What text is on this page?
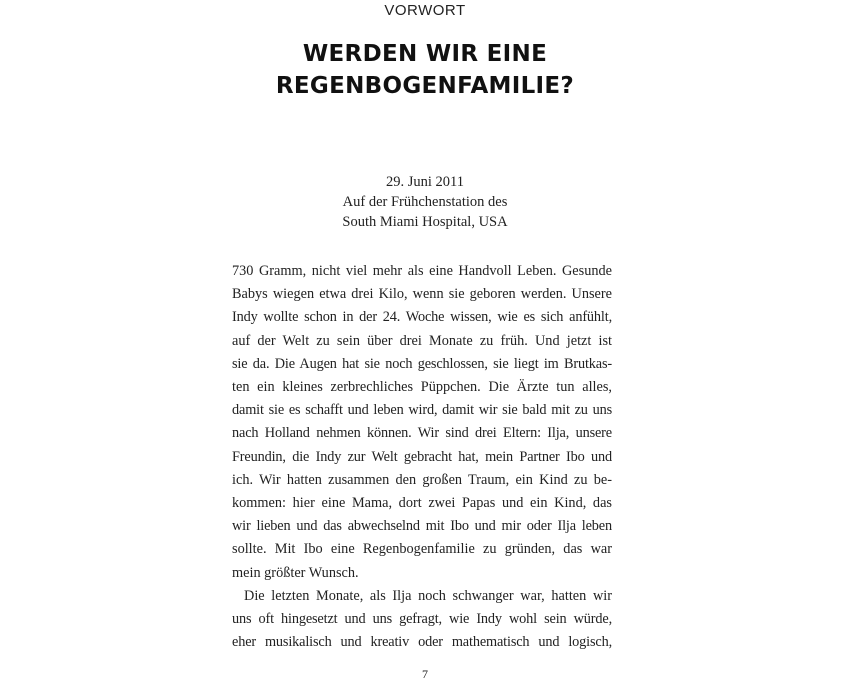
VORWORT
WERDEN WIR EINE
REGENBOGENFAMILIE?
29. Juni 2011
Auf der Frühchenstation des
South Miami Hospital, USA
730 Gramm, nicht viel mehr als eine Handvoll Leben. Gesunde
Babys wiegen etwa drei Kilo, wenn sie geboren werden. Unsere
Indy wollte schon in der 24. Woche wissen, wie es sich anfühlt,
auf der Welt zu sein über drei Monate zu früh. Und jetzt ist
sie da. Die Augen hat sie noch geschlossen, sie liegt im Brutkas-
ten ein kleines zerbrechliches Püppchen. Die Ärzte tun alles,
damit sie es schafft und leben wird, damit wir sie bald mit zu uns
nach Holland nehmen können. Wir sind drei Eltern: Ilja, unsere
Freundin, die Indy zur Welt gebracht hat, mein Partner Ibo und
ich. Wir hatten zusammen den großen Traum, ein Kind zu be-
kommen: hier eine Mama, dort zwei Papas und ein Kind, das
wir lieben und das abwechselnd mit Ibo und mir oder Ilja leben
sollte. Mit Ibo eine Regenbogenfamilie zu gründen, das war
mein größter Wunsch.
Die letzten Monate, als Ilja noch schwanger war, hatten wir
uns oft hingesetzt und uns gefragt, wie Indy wohl sein würde,
eher musikalisch und kreativ oder mathematisch und logisch,
7
